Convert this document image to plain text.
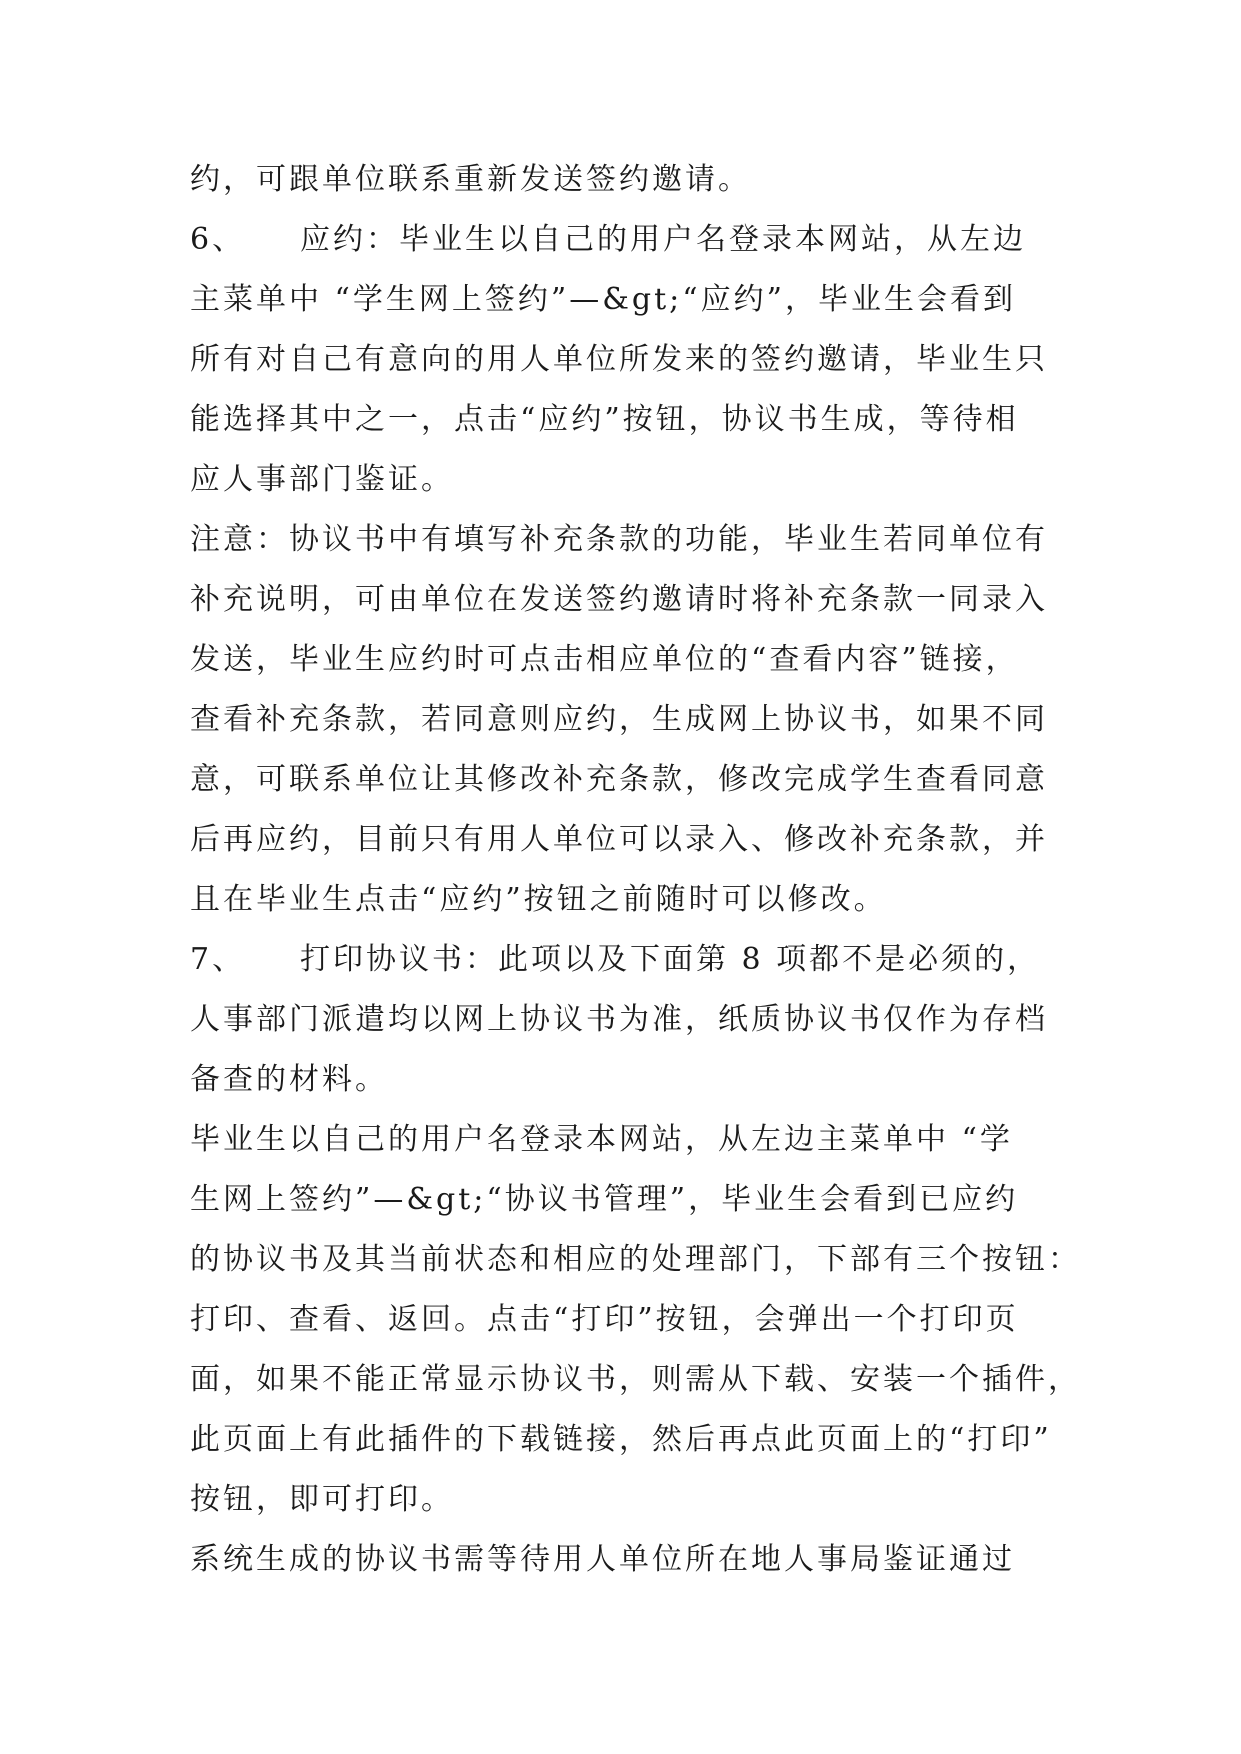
约，可跟单位联系重新发送签约邀请。
6、 应约：毕业生以自己的用户名登录本网站，从左边
主菜单中 “学生网上签约”—&gt;“应约”，毕业生会看到
所有对自己有意向的用人单位所发来的签约邀请，毕业生只
能选择其中之一，点击“应约”按钮，协议书生成，等待相
应人事部门鉴证。
注意：协议书中有填写补充条款的功能，毕业生若同单位有
补充说明，可由单位在发送签约邀请时将补充条款一同录入
发送，毕业生应约时可点击相应单位的“查看内容”链接，
查看补充条款，若同意则应约，生成网上协议书，如果不同
意，可联系单位让其修改补充条款，修改完成学生查看同意
后再应约，目前只有用人单位可以录入、修改补充条款，并
且在毕业生点击“应约”按钮之前随时可以修改。
7、 打印协议书：此项以及下面第 8 项都不是必须的，
人事部门派遣均以网上协议书为准，纸质协议书仅作为存档
备查的材料。
毕业生以自己的用户名登录本网站，从左边主菜单中 “学
生网上签约”—&gt;“协议书管理”，毕业生会看到已应约
的协议书及其当前状态和相应的处理部门，下部有三个按钮：
打印、查看、返回。点击“打印”按钮，会弹出一个打印页
面，如果不能正常显示协议书，则需从下载、安装一个插件，
此页面上有此插件的下载链接，然后再点此页面上的“打印”
按钮，即可打印。
系统生成的协议书需等待用人单位所在地人事局鉴证通过
